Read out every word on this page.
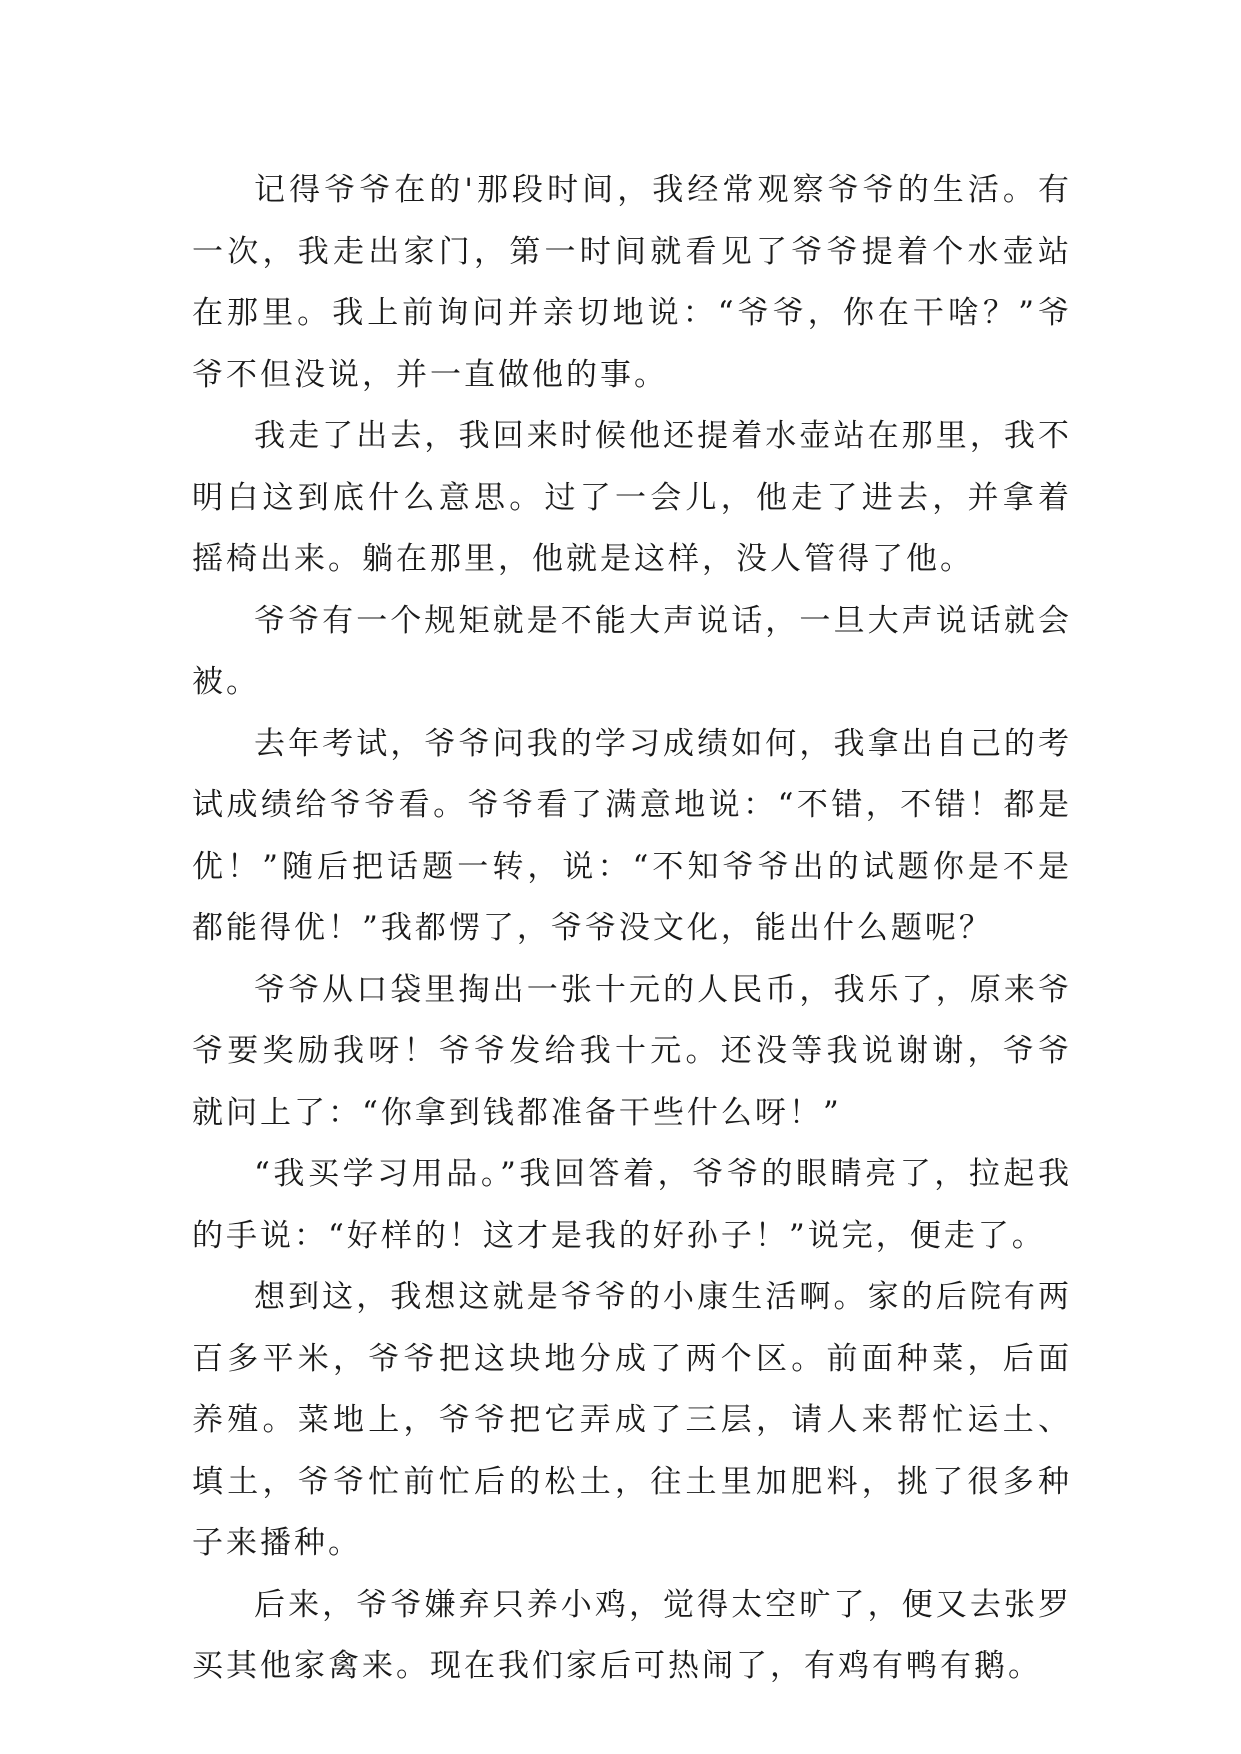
记得爷爷在的'那段时间，我经常观察爷爷的生活。有一次，我走出家门，第一时间就看见了爷爷提着个水壶站在那里。我上前询问并亲切地说：“爷爷，你在干啥？”爷爷不但没说，并一直做他的事。

我走了出去，我回来时候他还提着水壶站在那里，我不明白这到底什么意思。过了一会儿，他走了进去，并拿着摇椅出来。躺在那里，他就是这样，没人管得了他。

爷爷有一个规矩就是不能大声说话，一旦大声说话就会被。

去年考试，爷爷问我的学习成绩如何，我拿出自己的考试成绩给爷爷看。爷爷看了满意地说：“不错，不错！都是优！”随后把话题一转，说：“不知爷爷出的试题你是不是都能得优！”我都愣了，爷爷没文化，能出什么题呢？

爷爷从口袋里掏出一张十元的人民币，我乐了，原来爷爷要奖励我呀！爷爷发给我十元。还没等我说谢谢，爷爷就问上了：“你拿到钱都准备干些什么呀！”

“我买学习用品。”我回答着，爷爷的眼睛亮了，拉起我的手说：“好样的！这才是我的好孙子！”说完，便走了。

想到这，我想这就是爷爷的小康生活啊。家的后院有两百多平米，爷爷把这块地分成了两个区。前面种菜，后面养殖。菜地上，爷爷把它弄成了三层，请人来帮忙运土、填土，爷爷忙前忙后的松土，往土里加肥料，挑了很多种子来播种。

后来，爷爷嫌弃只养小鸡，觉得太空旷了，便又去张罗买其他家禽来。现在我们家后可热闹了，有鸡有鸭有鹅。
